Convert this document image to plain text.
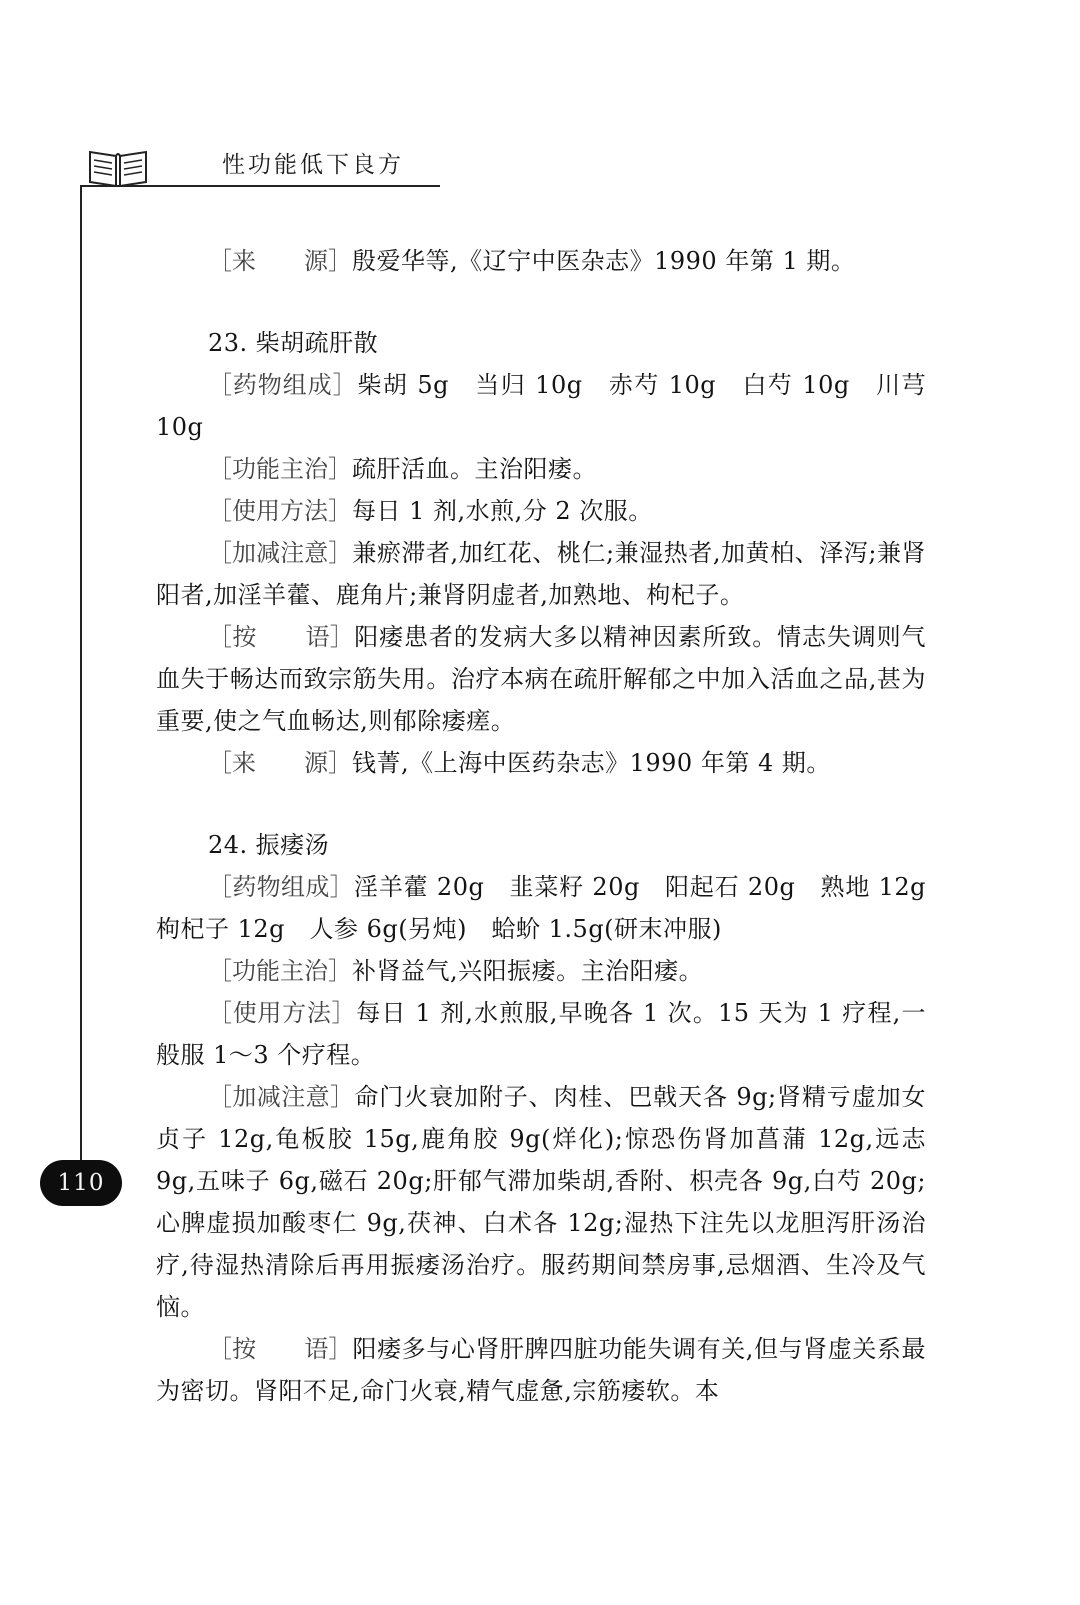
性功能低下良方
110

［来　　源］殷爱华等,《辽宁中医杂志》1990 年第 1 期。

23. 柴胡疏肝散

［药物组成］柴胡 5g　当归 10g　赤芍 10g　白芍 10g　川芎 10g

［功能主治］疏肝活血。主治阳痿。

［使用方法］每日 1 剂,水煎,分 2 次服。

［加减注意］兼瘀滞者,加红花、桃仁;兼湿热者,加黄柏、泽泻;兼肾阳者,加淫羊藿、鹿角片;兼肾阴虚者,加熟地、枸杞子。

［按　　语］阳痿患者的发病大多以精神因素所致。情志失调则气血失于畅达而致宗筋失用。治疗本病在疏肝解郁之中加入活血之品,甚为重要,使之气血畅达,则郁除痿瘥。

［来　　源］钱菁,《上海中医药杂志》1990 年第 4 期。

24. 振痿汤

［药物组成］淫羊藿 20g　韭菜籽 20g　阳起石 20g　熟地 12g　枸杞子 12g　人参 6g(另炖)　蛤蚧 1.5g(研末冲服)

［功能主治］补肾益气,兴阳振痿。主治阳痿。

［使用方法］每日 1 剂,水煎服,早晚各 1 次。15 天为 1 疗程,一般服 1～3 个疗程。

［加减注意］命门火衰加附子、肉桂、巴戟天各 9g;肾精亏虚加女贞子 12g,龟板胶 15g,鹿角胶 9g(烊化);惊恐伤肾加菖蒲 12g,远志 9g,五味子 6g,磁石 20g;肝郁气滞加柴胡,香附、枳壳各 9g,白芍 20g;心脾虚损加酸枣仁 9g,茯神、白术各 12g;湿热下注先以龙胆泻肝汤治疗,待湿热清除后再用振痿汤治疗。服药期间禁房事,忌烟酒、生冷及气恼。

［按　　语］阳痿多与心肾肝脾四脏功能失调有关,但与肾虚关系最为密切。肾阳不足,命门火衰,精气虚惫,宗筋痿软。本
